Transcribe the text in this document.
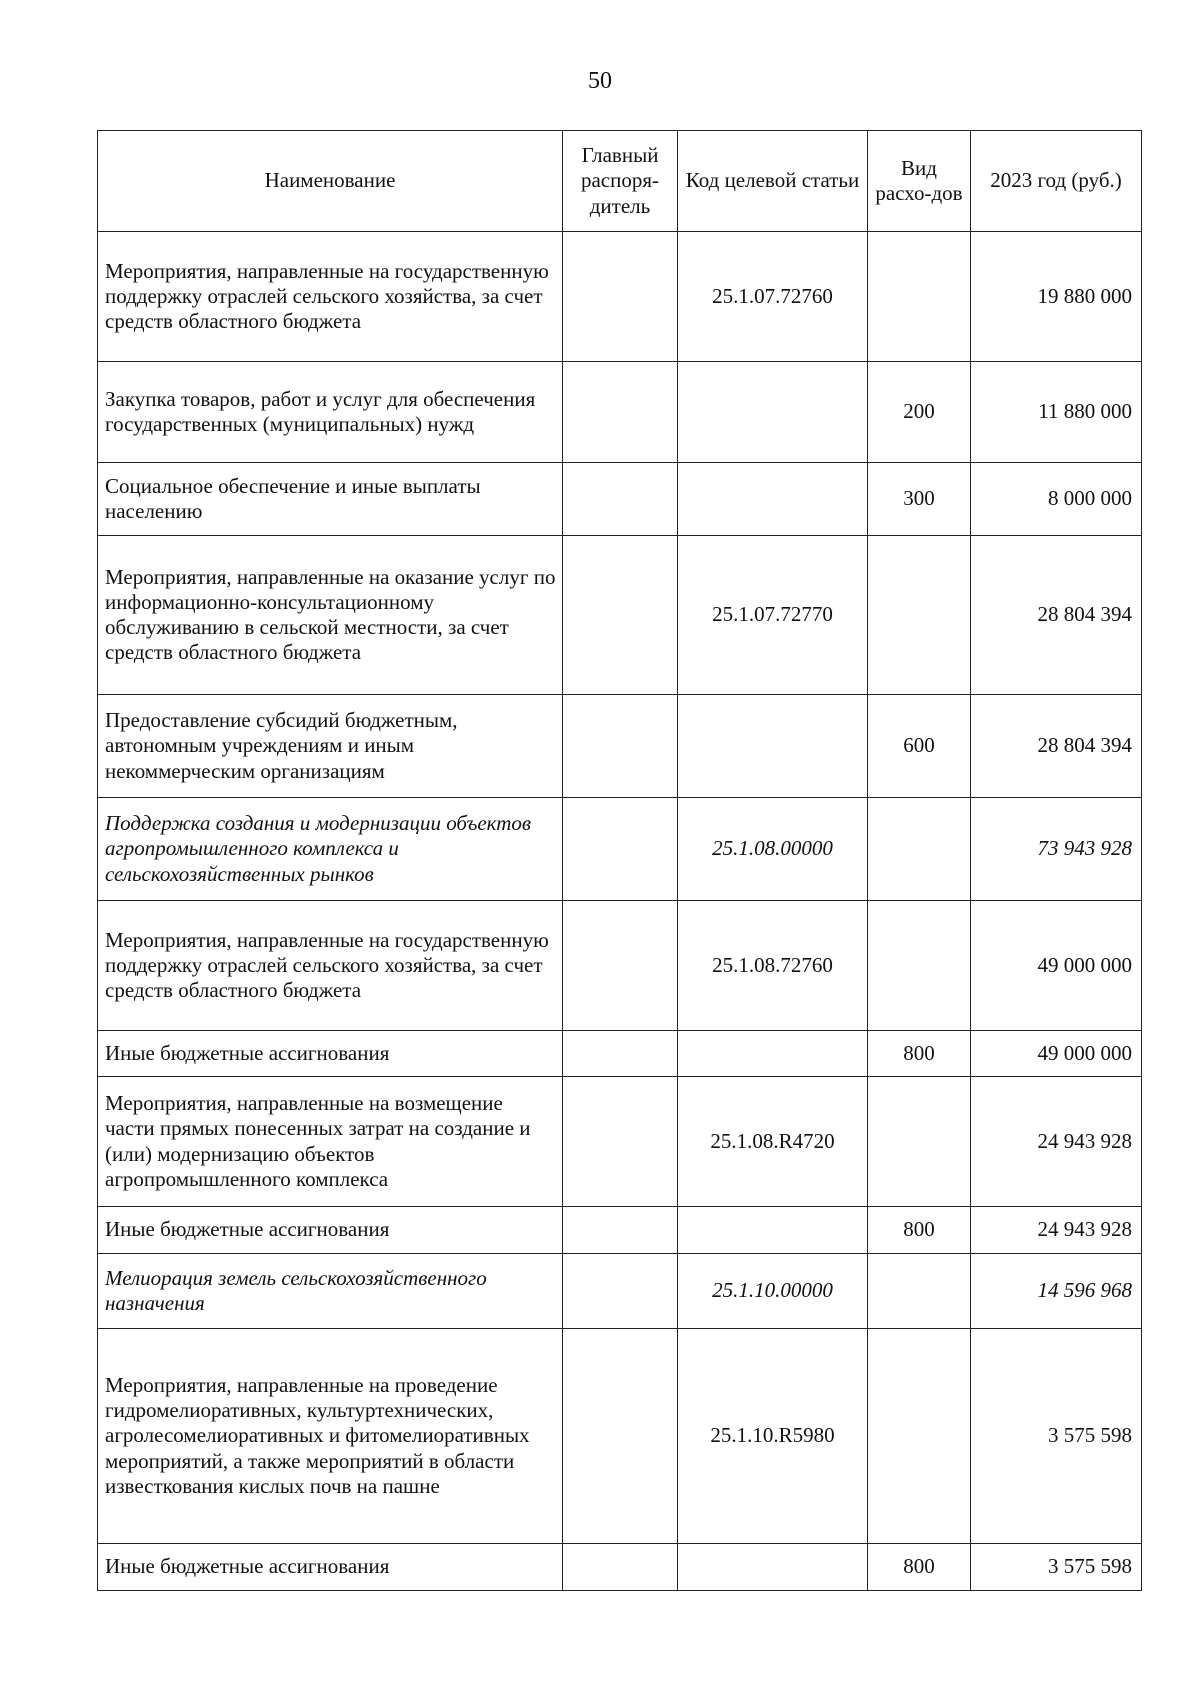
50
Наименование	Главный распоря-дитель	Код целевой статьи	Вид расхо-дов	2023 год (руб.)
Мероприятия, направленные на государственную поддержку отраслей сельского хозяйства, за счет средств областного бюджета		25.1.07.72760		19 880 000
Закупка товаров, работ и услуг для обеспечения государственных (муниципальных) нужд			200	11 880 000
Социальное обеспечение и иные выплаты населению			300	8 000 000
Мероприятия, направленные на оказание услуг по информационно-консультационному обслуживанию в сельской местности, за счет средств областного бюджета		25.1.07.72770		28 804 394
Предоставление субсидий бюджетным, автономным учреждениям и иным некоммерческим организациям			600	28 804 394
Поддержка создания и модернизации объектов агропромышленного комплекса и сельскохозяйственных рынков		25.1.08.00000		73 943 928
Мероприятия, направленные на государственную поддержку отраслей сельского хозяйства, за счет средств областного бюджета		25.1.08.72760		49 000 000
Иные бюджетные ассигнования			800	49 000 000
Мероприятия, направленные на возмещение части прямых понесенных затрат на создание и (или) модернизацию объектов агропромышленного комплекса		25.1.08.R4720		24 943 928
Иные бюджетные ассигнования			800	24 943 928
Мелиорация земель сельскохозяйственного назначения		25.1.10.00000		14 596 968
Мероприятия, направленные на проведение гидромелиоративных, культуртехнических, агролесомелиоративных и фитомелиоративных мероприятий, а также мероприятий в области известкования кислых почв на пашне		25.1.10.R5980		3 575 598
Иные бюджетные ассигнования			800	3 575 598
